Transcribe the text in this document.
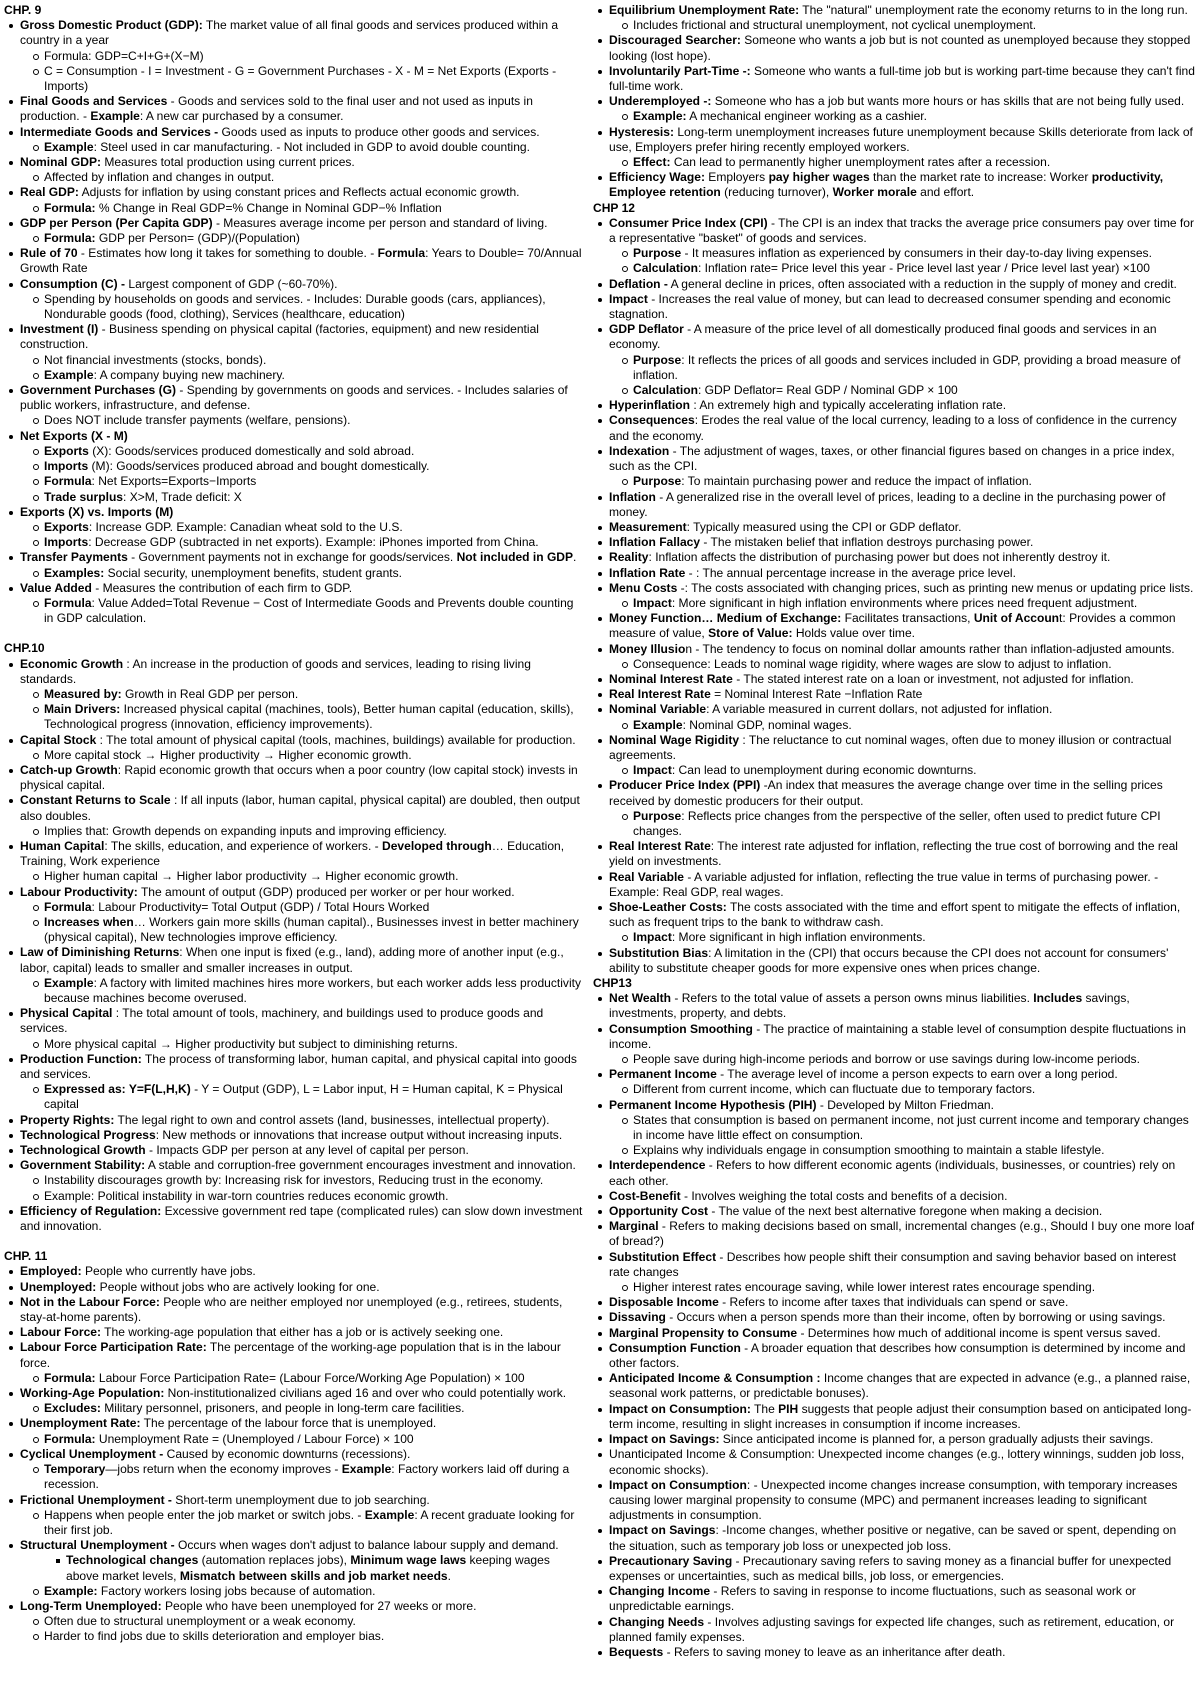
CHP. 9
Gross Domestic Product (GDP): The market value of all final goods and services produced within a country in a year
Formula: GDP=C+I+G+(X−M)
C = Consumption - I = Investment - G = Government Purchases - X - M = Net Exports (Exports - Imports)
Final Goods and Services - Goods and services sold to the final user and not used as inputs in production. - Example: A new car purchased by a consumer.
Intermediate Goods and Services - Goods used as inputs to produce other goods and services.
Example: Steel used in car manufacturing. - Not included in GDP to avoid double counting.
Nominal GDP: Measures total production using current prices.
Affected by inflation and changes in output.
Real GDP: Adjusts for inflation by using constant prices and Reflects actual economic growth.
Formula: % Change in Real GDP=% Change in Nominal GDP−% Inflation
GDP per Person (Per Capita GDP) - Measures average income per person and standard of living.
Formula: GDP per Person= (GDP)/(Population)
Rule of 70 - Estimates how long it takes for something to double. - Formula: Years to Double= 70/Annual Growth Rate
Consumption (C) - Largest component of GDP (~60-70%).
Spending by households on goods and services. - Includes: Durable goods (cars, appliances), Nondurable goods (food, clothing), Services (healthcare, education)
Investment (I) - Business spending on physical capital (factories, equipment) and new residential construction.
Not financial investments (stocks, bonds).
Example: A company buying new machinery.
Government Purchases (G) - Spending by governments on goods and services. - Includes salaries of public workers, infrastructure, and defense.
Does NOT include transfer payments (welfare, pensions).
Net Exports (X - M)
Exports (X): Goods/services produced domestically and sold abroad.
Imports (M): Goods/services produced abroad and bought domestically.
Formula: Net Exports=Exports−Imports
Trade surplus: X>M, Trade deficit: X
Exports (X) vs. Imports (M)
Exports: Increase GDP. Example: Canadian wheat sold to the U.S.
Imports: Decrease GDP (subtracted in net exports). Example: iPhones imported from China.
Transfer Payments - Government payments not in exchange for goods/services. Not included in GDP.
Examples: Social security, unemployment benefits, student grants.
Value Added - Measures the contribution of each firm to GDP.
Formula: Value Added=Total Revenue − Cost of Intermediate Goods and Prevents double counting in GDP calculation.
CHP.10
Economic Growth : An increase in the production of goods and services, leading to rising living standards.
Measured by: Growth in Real GDP per person.
Main Drivers: Increased physical capital (machines, tools), Better human capital (education, skills), Technological progress (innovation, efficiency improvements).
Capital Stock : The total amount of physical capital (tools, machines, buildings) available for production.
More capital stock → Higher productivity → Higher economic growth.
Catch-up Growth: Rapid economic growth that occurs when a poor country (low capital stock) invests in physical capital.
Constant Returns to Scale : If all inputs (labor, human capital, physical capital) are doubled, then output also doubles.
Implies that: Growth depends on expanding inputs and improving efficiency.
Human Capital: The skills, education, and experience of workers. - Developed through… Education, Training, Work experience
Higher human capital → Higher labor productivity → Higher economic growth.
Labour Productivity: The amount of output (GDP) produced per worker or per hour worked.
Formula: Labour Productivity= Total Output (GDP) / Total Hours Worked
Increases when… Workers gain more skills (human capital)., Businesses invest in better machinery (physical capital), New technologies improve efficiency.
Law of Diminishing Returns: When one input is fixed (e.g., land), adding more of another input (e.g., labor, capital) leads to smaller and smaller increases in output.
Example: A factory with limited machines hires more workers, but each worker adds less productivity because machines become overused.
Physical Capital : The total amount of tools, machinery, and buildings used to produce goods and services.
More physical capital → Higher productivity but subject to diminishing returns.
Production Function: The process of transforming labor, human capital, and physical capital into goods and services.
Expressed as: Y=F(L,H,K) - Y = Output (GDP), L = Labor input, H = Human capital, K = Physical capital
Property Rights: The legal right to own and control assets (land, businesses, intellectual property).
Technological Progress: New methods or innovations that increase output without increasing inputs.
Technological Growth - Impacts GDP per person at any level of capital per person.
Government Stability: A stable and corruption-free government encourages investment and innovation.
Instability discourages growth by: Increasing risk for investors, Reducing trust in the economy.
Example: Political instability in war-torn countries reduces economic growth.
Efficiency of Regulation: Excessive government red tape (complicated rules) can slow down investment and innovation.
CHP. 11
Employed: People who currently have jobs.
Unemployed: People without jobs who are actively looking for one.
Not in the Labour Force: People who are neither employed nor unemployed (e.g., retirees, students, stay-at-home parents).
Labour Force: The working-age population that either has a job or is actively seeking one.
Labour Force Participation Rate: The percentage of the working-age population that is in the labour force.
Formula: Labour Force Participation Rate= (Labour Force/Working Age Population) × 100
Working-Age Population: Non-institutionalized civilians aged 16 and over who could potentially work.
Excludes: Military personnel, prisoners, and people in long-term care facilities.
Unemployment Rate: The percentage of the labour force that is unemployed.
Formula: Unemployment Rate = (Unemployed / Labour Force) × 100
Cyclical Unemployment - Caused by economic downturns (recessions).
Temporary—jobs return when the economy improves - Example: Factory workers laid off during a recession.
Frictional Unemployment - Short-term unemployment due to job searching.
Happens when people enter the job market or switch jobs. - Example: A recent graduate looking for their first job.
Structural Unemployment - Occurs when wages don't adjust to balance labour supply and demand.
Technological changes (automation replaces jobs), Minimum wage laws keeping wages above market levels, Mismatch between skills and job market needs.
Example: Factory workers losing jobs because of automation.
Long-Term Unemployed: People who have been unemployed for 27 weeks or more.
Often due to structural unemployment or a weak economy.
Harder to find jobs due to skills deterioration and employer bias.
Equilibrium Unemployment Rate: The "natural" unemployment rate the economy returns to in the long run.
Includes frictional and structural unemployment, not cyclical unemployment.
Discouraged Searcher: Someone who wants a job but is not counted as unemployed because they stopped looking (lost hope).
Involuntarily Part-Time -: Someone who wants a full-time job but is working part-time because they can't find full-time work.
Underemployed -: Someone who has a job but wants more hours or has skills that are not being fully used.
Example: A mechanical engineer working as a cashier.
Hysteresis: Long-term unemployment increases future unemployment because Skills deteriorate from lack of use, Employers prefer hiring recently employed workers.
Effect: Can lead to permanently higher unemployment rates after a recession.
Efficiency Wage: Employers pay higher wages than the market rate to increase: Worker productivity, Employee retention (reducing turnover), Worker morale and effort.
CHP 12
Consumer Price Index (CPI) - The CPI is an index that tracks the average price consumers pay over time for a representative "basket" of goods and services.
Purpose - It measures inflation as experienced by consumers in their day-to-day living expenses.
Calculation: Inflation rate= Price level this year - Price level last year / Price level last year) ×100
Deflation - A general decline in prices, often associated with a reduction in the supply of money and credit.
Impact - Increases the real value of money, but can lead to decreased consumer spending and economic stagnation.
GDP Deflator - A measure of the price level of all domestically produced final goods and services in an economy.
Purpose: It reflects the prices of all goods and services included in GDP, providing a broad measure of inflation.
Calculation: GDP Deflator= Real GDP / Nominal GDP × 100
Hyperinflation : An extremely high and typically accelerating inflation rate.
Consequences: Erodes the real value of the local currency, leading to a loss of confidence in the currency and the economy.
Indexation - The adjustment of wages, taxes, or other financial figures based on changes in a price index, such as the CPI.
Purpose: To maintain purchasing power and reduce the impact of inflation.
Inflation - A generalized rise in the overall level of prices, leading to a decline in the purchasing power of money.
Measurement: Typically measured using the CPI or GDP deflator.
Inflation Fallacy - The mistaken belief that inflation destroys purchasing power.
Reality: Inflation affects the distribution of purchasing power but does not inherently destroy it.
Inflation Rate - : The annual percentage increase in the average price level.
Menu Costs -: The costs associated with changing prices, such as printing new menus or updating price lists.
Impact: More significant in high inflation environments where prices need frequent adjustment.
Money Function… Medium of Exchange: Facilitates transactions, Unit of Account: Provides a common measure of value, Store of Value: Holds value over time.
Money Illusion - The tendency to focus on nominal dollar amounts rather than inflation-adjusted amounts.
Consequence: Leads to nominal wage rigidity, where wages are slow to adjust to inflation.
Nominal Interest Rate - The stated interest rate on a loan or investment, not adjusted for inflation.
Real Interest Rate = Nominal Interest Rate −Inflation Rate
Nominal Variable: A variable measured in current dollars, not adjusted for inflation.
Example: Nominal GDP, nominal wages.
Nominal Wage Rigidity : The reluctance to cut nominal wages, often due to money illusion or contractual agreements.
Impact: Can lead to unemployment during economic downturns.
Producer Price Index (PPI) -An index that measures the average change over time in the selling prices received by domestic producers for their output.
Purpose: Reflects price changes from the perspective of the seller, often used to predict future CPI changes.
Real Interest Rate: The interest rate adjusted for inflation, reflecting the true cost of borrowing and the real yield on investments.
Real Variable - A variable adjusted for inflation, reflecting the true value in terms of purchasing power. - Example: Real GDP, real wages.
Shoe-Leather Costs: The costs associated with the time and effort spent to mitigate the effects of inflation, such as frequent trips to the bank to withdraw cash.
Impact: More significant in high inflation environments.
Substitution Bias: A limitation in the (CPI) that occurs because the CPI does not account for consumers' ability to substitute cheaper goods for more expensive ones when prices change.
CHP13
Net Wealth - Refers to the total value of assets a person owns minus liabilities. Includes savings, investments, property, and debts.
Consumption Smoothing - The practice of maintaining a stable level of consumption despite fluctuations in income.
People save during high-income periods and borrow or use savings during low-income periods.
Permanent Income - The average level of income a person expects to earn over a long period.
Different from current income, which can fluctuate due to temporary factors.
Permanent Income Hypothesis (PIH) - Developed by Milton Friedman.
States that consumption is based on permanent income, not just current income and temporary changes in income have little effect on consumption.
Explains why individuals engage in consumption smoothing to maintain a stable lifestyle.
Interdependence - Refers to how different economic agents (individuals, businesses, or countries) rely on each other.
Cost-Benefit - Involves weighing the total costs and benefits of a decision.
Opportunity Cost - The value of the next best alternative foregone when making a decision.
Marginal - Refers to making decisions based on small, incremental changes (e.g., Should I buy one more loaf of bread?)
Substitution Effect - Describes how people shift their consumption and saving behavior based on interest rate changes
Higher interest rates encourage saving, while lower interest rates encourage spending.
Disposable Income - Refers to income after taxes that individuals can spend or save.
Dissaving - Occurs when a person spends more than their income, often by borrowing or using savings.
Marginal Propensity to Consume - Determines how much of additional income is spent versus saved.
Consumption Function - A broader equation that describes how consumption is determined by income and other factors.
Anticipated Income & Consumption : Income changes that are expected in advance (e.g., a planned raise, seasonal work patterns, or predictable bonuses).
Impact on Consumption: The PIH suggests that people adjust their consumption based on anticipated long-term income, resulting in slight increases in consumption if income increases.
Impact on Savings: Since anticipated income is planned for, a person gradually adjusts their savings.
Unanticipated Income & Consumption: Unexpected income changes (e.g., lottery winnings, sudden job loss, economic shocks).
Impact on Consumption: - Unexpected income changes increase consumption, with temporary increases causing lower marginal propensity to consume (MPC) and permanent increases leading to significant adjustments in consumption.
Impact on Savings: -Income changes, whether positive or negative, can be saved or spent, depending on the situation, such as temporary job loss or unexpected job loss.
Precautionary Saving - Precautionary saving refers to saving money as a financial buffer for unexpected expenses or uncertainties, such as medical bills, job loss, or emergencies.
Changing Income - Refers to saving in response to income fluctuations, such as seasonal work or unpredictable earnings.
Changing Needs - Involves adjusting savings for expected life changes, such as retirement, education, or planned family expenses.
Bequests - Refers to saving money to leave as an inheritance after death.
